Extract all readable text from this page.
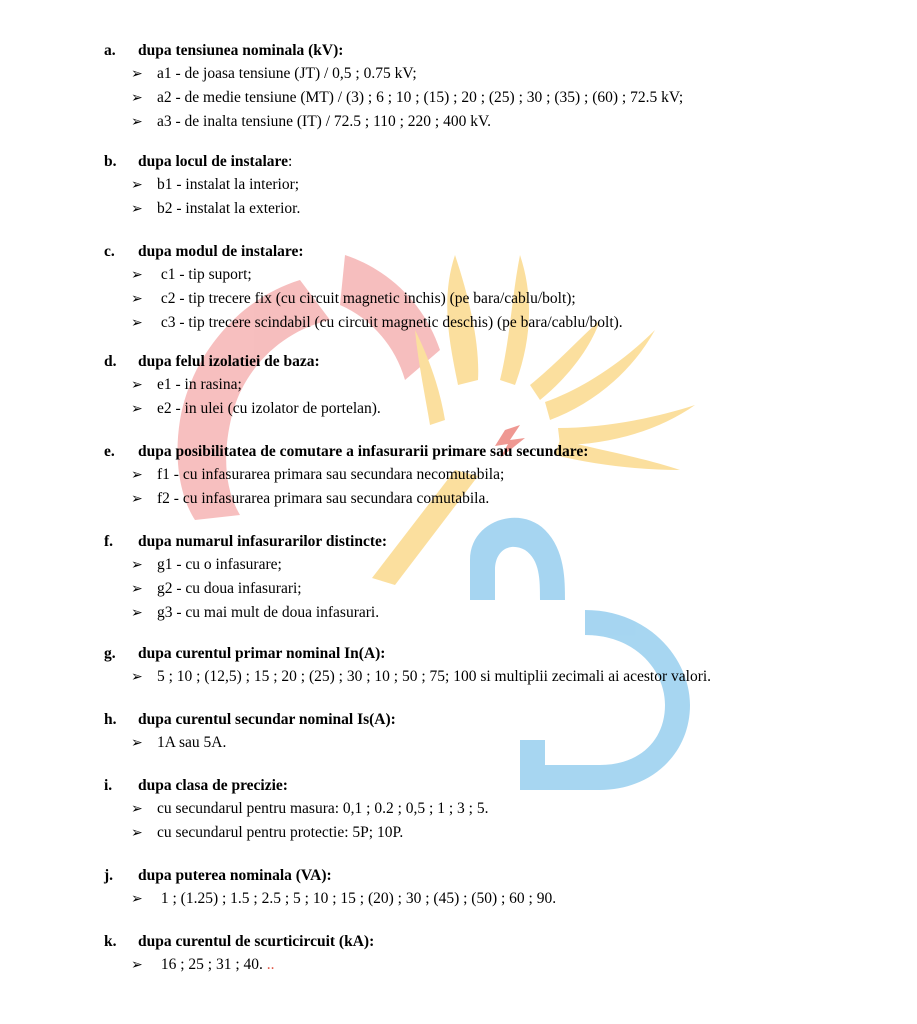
a. dupa tensiunea nominala (kV):
➢ a1 - de joasa tensiune (JT) / 0,5 ; 0.75 kV;
➢ a2 - de medie tensiune (MT) / (3) ; 6 ; 10 ; (15) ; 20 ; (25) ; 30 ; (35) ; (60) ; 72.5 kV;
➢ a3 - de inalta tensiune (IT) / 72.5 ; 110 ; 220 ; 400 kV.
b. dupa locul de instalare:
➢ b1 - instalat la interior;
➢ b2 - instalat la exterior.
c. dupa modul de instalare:
➢ c1 - tip suport;
➢ c2 - tip trecere fix (cu circuit magnetic inchis) (pe bara/cablu/bolt);
➢ c3 - tip trecere scindabil (cu circuit magnetic deschis) (pe bara/cablu/bolt).
d. dupa felul izolatiei de baza:
➢ e1 - in rasina;
➢ e2 - in ulei (cu izolator de portelan).
e. dupa posibilitatea de comutare a infasurarii primare sau secundare:
➢ f1 - cu infasurarea primara sau secundara necomutabila;
➢ f2 - cu infasurarea primara sau secundara comutabila.
f. dupa numarul infasurarilor distincte:
➢ g1 - cu o infasurare;
➢ g2 - cu doua infasurari;
➢ g3 - cu mai mult de doua infasurari.
g. dupa curentul primar nominal In(A):
➢ 5 ; 10 ; (12,5) ; 15 ; 20 ; (25) ; 30 ; 10 ; 50 ; 75; 100 si multiplii zecimali ai acestor valori.
h. dupa curentul secundar nominal Is(A):
➢ 1A sau 5A.
i. dupa clasa de precizie:
➢ cu secundarul pentru masura: 0,1 ; 0.2 ; 0,5 ; 1 ; 3 ; 5.
➢ cu secundarul pentru protectie: 5P; 10P.
j. dupa puterea nominala (VA):
➢ 1 ; (1.25) ; 1.5 ; 2.5 ; 5 ; 10 ; 15 ; (20) ; 30 ; (45) ; (50) ; 60 ; 90.
k. dupa curentul de scurticircuit (kA):
➢ 16 ; 25 ; 31 ; 40. ..
